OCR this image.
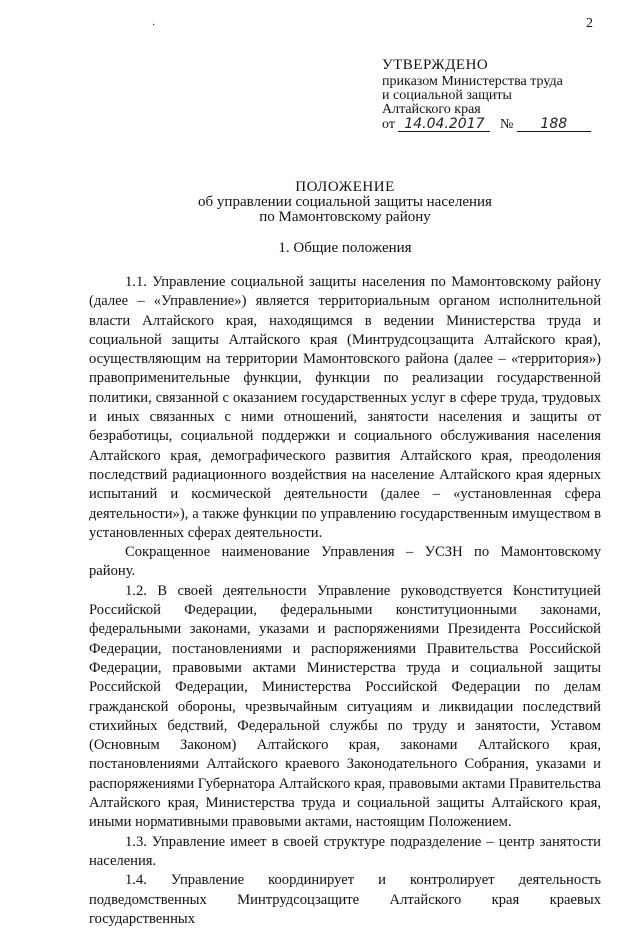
·	2
УТВЕРЖДЕНО
приказом Министерства труда
и социальной защиты
Алтайского края
от 14.04.2017 № 188
ПОЛОЖЕНИЕ
об управлении социальной защиты населения
по Мамонтовскому району
1. Общие положения

1.1. Управление социальной защиты населения по Мамонтовскому району (далее – «Управление») является территориальным органом исполнительной власти Алтайского края, находящимся в ведении Министерства труда и социальной защиты Алтайского края (Минтрудсоцзащита Алтайского края), осуществляющим на территории Мамонтовского района (далее – «территория») правоприменительные функции, функции по реализации государственной политики, связанной с оказанием государственных услуг в сфере труда, трудовых и иных связанных с ними отношений, занятости населения и защиты от безработицы, социальной поддержки и социального обслуживания населения Алтайского края, демографического развития Алтайского края, преодоления последствий радиационного воздействия на население Алтайского края ядерных испытаний и космической деятельности (далее – «установленная сфера деятельности»), а также функции по управлению государственным имуществом в установленных сферах деятельности.

Сокращенное наименование Управления – УСЗН по Мамонтовскому району.

1.2. В своей деятельности Управление руководствуется Конституцией Российской Федерации, федеральными конституционными законами, федеральными законами, указами и распоряжениями Президента Российской Федерации, постановлениями и распоряжениями Правительства Российской Федерации, правовыми актами Министерства труда и социальной защиты Российской Федерации, Министерства Российской Федерации по делам гражданской обороны, чрезвычайным ситуациям и ликвидации последствий стихийных бедствий, Федеральной службы по труду и занятости, Уставом (Основным Законом) Алтайского края, законами Алтайского края, постановлениями Алтайского краевого Законодательного Собрания, указами и распоряжениями Губернатора Алтайского края, правовыми актами Правительства Алтайского края, Министерства труда и социальной защиты Алтайского края, иными нормативными правовыми актами, настоящим Положением.

1.3. Управление имеет в своей структуре подразделение – центр занятости населения.

1.4. Управление координирует и контролирует деятельность подведомственных Минтрудсоцзащите Алтайского края краевых государственных
